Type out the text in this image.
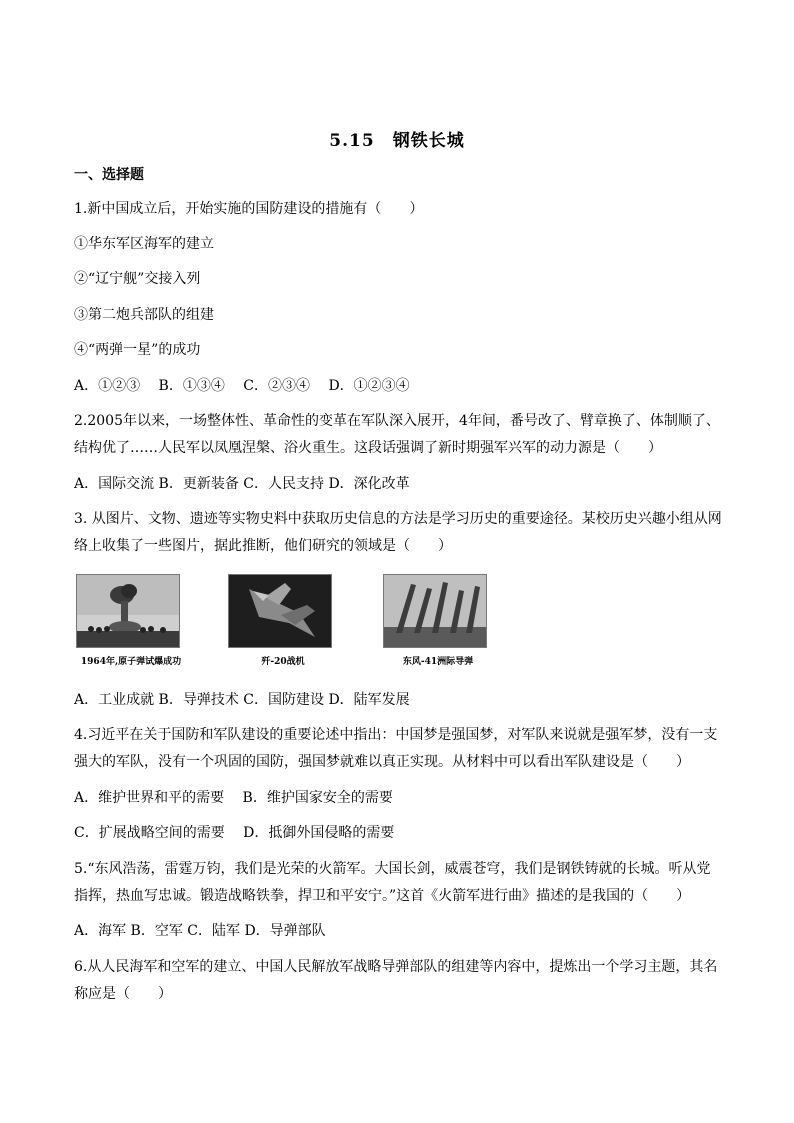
5.15　钢铁长城
一、选择题
1.新中国成立后，开始实施的国防建设的措施有（　　）
①华东军区海军的建立
②“辽宁舰”交接入列
③第二炮兵部队的组建
④“两弹一星”的成功
A．①②③　 B．①③④　 C．②③④　 D．①②③④
2.2005年以来，一场整体性、革命性的变革在军队深入展开，4年间，番号改了、臂章换了、体制顺了、
结构优了……人民军以凤凰涅槃、浴火重生。这段话强调了新时期强军兴军的动力源是（　　）
A．国际交流 B．更新装备 C．人民支持 D．深化改革
3. 从图片、文物、遗迹等实物史料中获取历史信息的方法是学习历史的重要途径。某校历史兴趣小组从网
络上收集了一些图片，据此推断，他们研究的领域是（　　）
1964年,原子弹试爆成功	歼-20战机	东风-41洲际导弹
A．工业成就 B．导弹技术 C．国防建设 D．陆军发展
4.习近平在关于国防和军队建设的重要论述中指出：中国梦是强国梦，对军队来说就是强军梦，没有一支
强大的军队，没有一个巩固的国防，强国梦就难以真正实现。从材料中可以看出军队建设是（　　）
A．维护世界和平的需要　 B．维护国家安全的需要
C．扩展战略空间的需要　 D．抵御外国侵略的需要
5.“东风浩荡，雷霆万钧，我们是光荣的火箭军。大国长剑，威震苍穹，我们是钢铁铸就的长城。听从党
指挥，热血写忠诚。锻造战略铁拳，捍卫和平安宁。”这首《火箭军进行曲》描述的是我国的（　　）
A．海军 B．空军 C．陆军 D．导弹部队
6.从人民海军和空军的建立、中国人民解放军战略导弹部队的组建等内容中，提炼出一个学习主题，其名
称应是（　　）
